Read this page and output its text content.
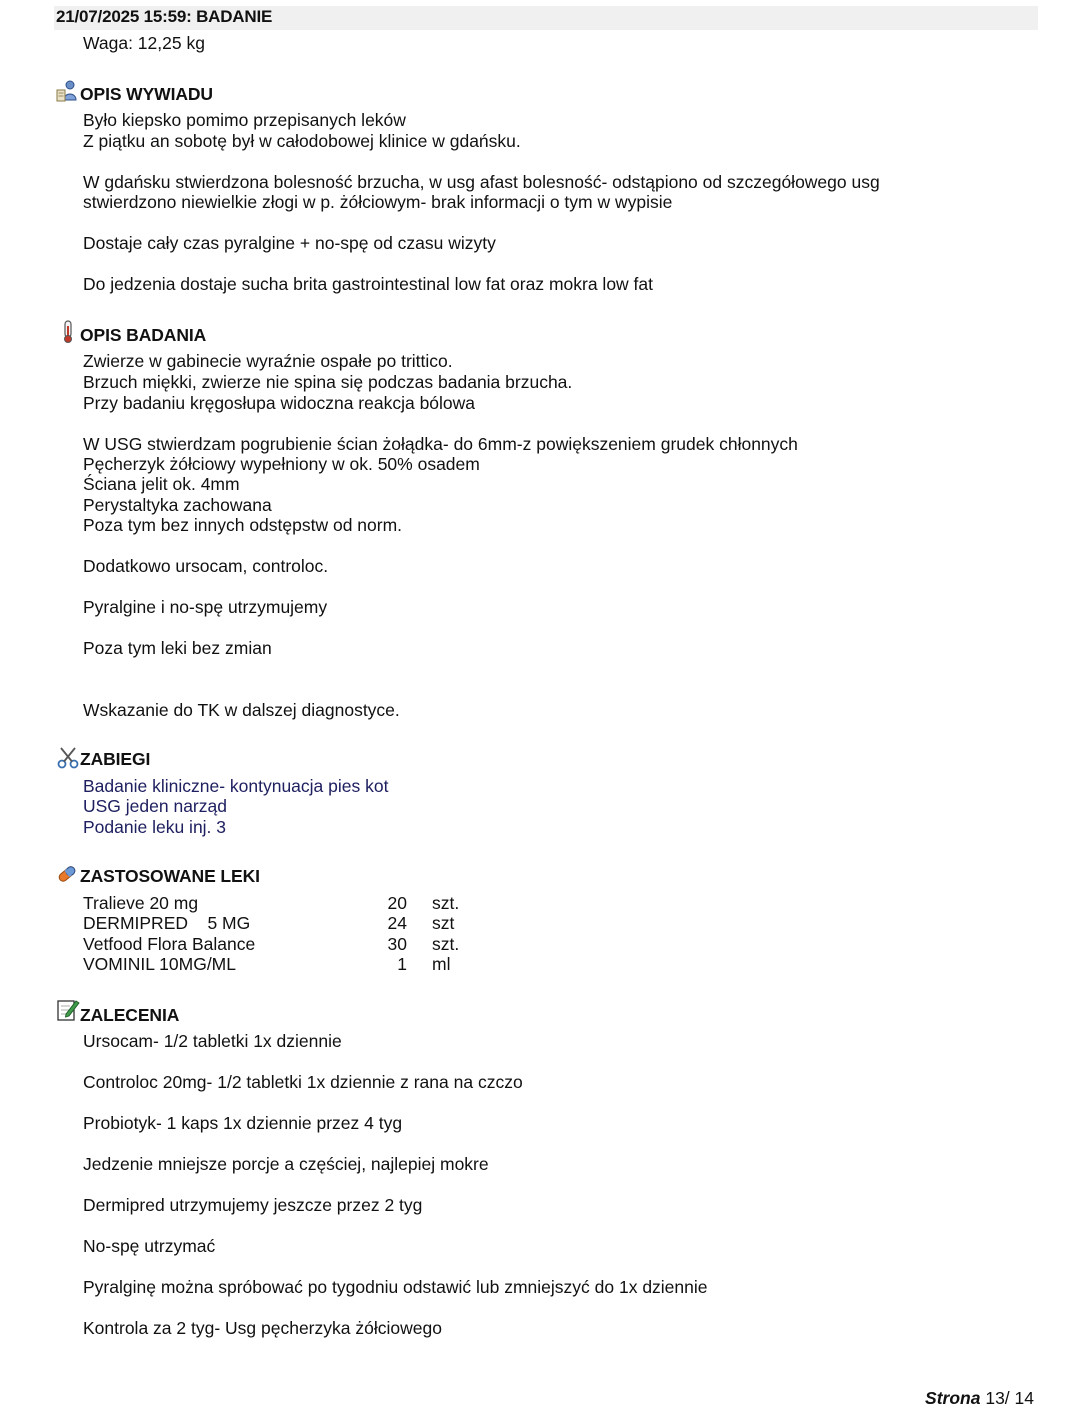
21/07/2025 15:59: BADANIE
Waga: 12,25 kg
OPIS WYWIADU
Było kiepsko pomimo przepisanych leków
Z piątku an sobotę był w całodobowej klinice w gdańsku.
W gdańsku stwierdzona bolesność brzucha, w usg afast bolesność- odstąpiono od szczegółowego usg
stwierdzono niewielkie złogi w p. żółciowym- brak informacji o tym w wypisie
Dostaje cały czas pyralgine + no-spę od czasu wizyty
Do jedzenia dostaje sucha brita gastrointestinal low fat oraz mokra low fat
OPIS BADANIA
Zwierze w gabinecie wyraźnie ospałe po trittico.
Brzuch miękki, zwierze nie spina się podczas badania brzucha.
Przy badaniu kręgosłupa widoczna reakcja bólowa
W USG stwierdzam pogrubienie ścian żołądka- do 6mm-z powiększeniem grudek chłonnych
Pęcherzyk żółciowy wypełniony w ok. 50% osadem
Ściana jelit ok. 4mm
Perystaltyka zachowana
Poza tym bez innych odstępstw od norm.
Dodatkowo ursocam, controloc.
Pyralgine i no-spę utrzymujemy
Poza tym leki bez zmian
Wskazanie do TK w dalszej diagnostyce.
ZABIEGI
Badanie kliniczne- kontynuacja pies kot
USG jeden narząd
Podanie leku inj. 3
ZASTOSOWANE LEKI
Tralieve 20 mg	20 szt.
DERMIPRED    5 MG	24 szt
Vetfood Flora Balance	30 szt.
VOMINIL 10MG/ML	1 ml
ZALECENIA
Ursocam- 1/2 tabletki 1x dziennie
Controloc 20mg- 1/2 tabletki 1x dziennie z rana na czczo
Probiotyk- 1 kaps 1x dziennie przez 4 tyg
Jedzenie mniejsze porcje a częściej, najlepiej mokre
Dermipred utrzymujemy jeszcze przez 2 tyg
No-spę utrzymać
Pyralginę można spróbować po tygodniu odstawić lub zmniejszyć do 1x dziennie
Kontrola za 2 tyg- Usg pęcherzyka żółciowego
Strona 13/ 14
